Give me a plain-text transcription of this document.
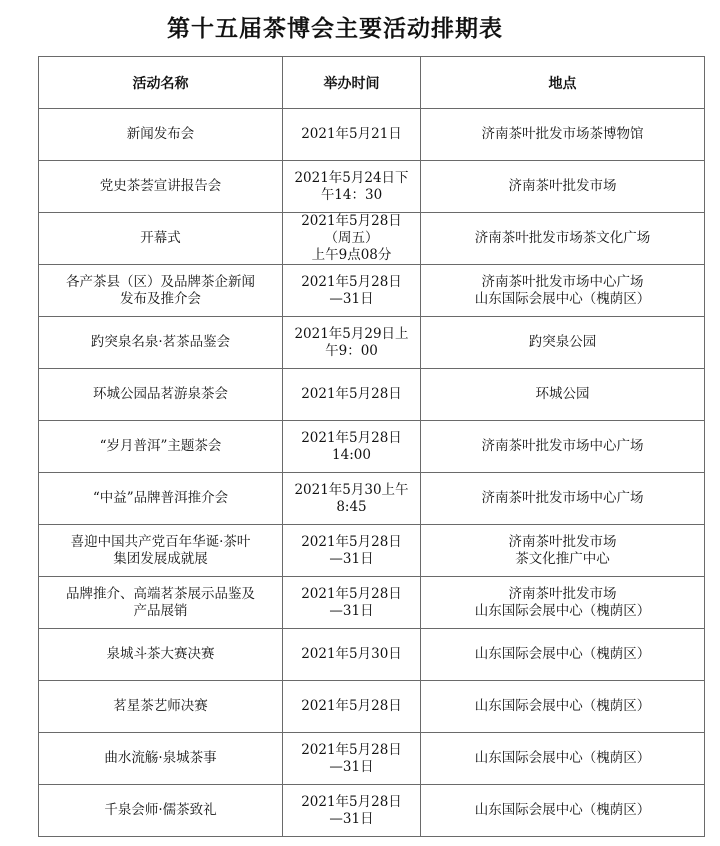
第十五届茶博会主要活动排期表
活动名称	举办时间	地点

新闻发布会	2021年5月21日	济南茶叶批发市场茶博物馆

党史茶荟宣讲报告会	2021年5月24日下
午14：30	济南茶叶批发市场

开幕式	2021年5月28日
（周五）
上午9点08分	济南茶叶批发市场茶文化广场

各产茶县（区）及品牌茶企新闻
发布及推介会	2021年5月28日
—31日	济南茶叶批发市场中心广场
山东国际会展中心（槐荫区）

趵突泉名泉·茗茶品鉴会	2021年5月29日上
午9：00	趵突泉公园

环城公园品茗游泉茶会	2021年5月28日	环城公园

“岁月普洱”主题茶会	2021年5月28日
14:00	济南茶叶批发市场中心广场

“中益”品牌普洱推介会	2021年5月30上午
8:45	济南茶叶批发市场中心广场

喜迎中国共产党百年华诞·茶叶
集团发展成就展	2021年5月28日
—31日	济南茶叶批发市场
茶文化推广中心

品牌推介、高端茗茶展示品鉴及
产品展销	2021年5月28日
—31日	济南茶叶批发市场
山东国际会展中心（槐荫区）

泉城斗茶大赛决赛	2021年5月30日	山东国际会展中心（槐荫区）

茗星茶艺师决赛	2021年5月28日	山东国际会展中心（槐荫区）

曲水流觞·泉城茶事	2021年5月28日
—31日	山东国际会展中心（槐荫区）

千泉会师·儒茶致礼	2021年5月28日
—31日	山东国际会展中心（槐荫区）
